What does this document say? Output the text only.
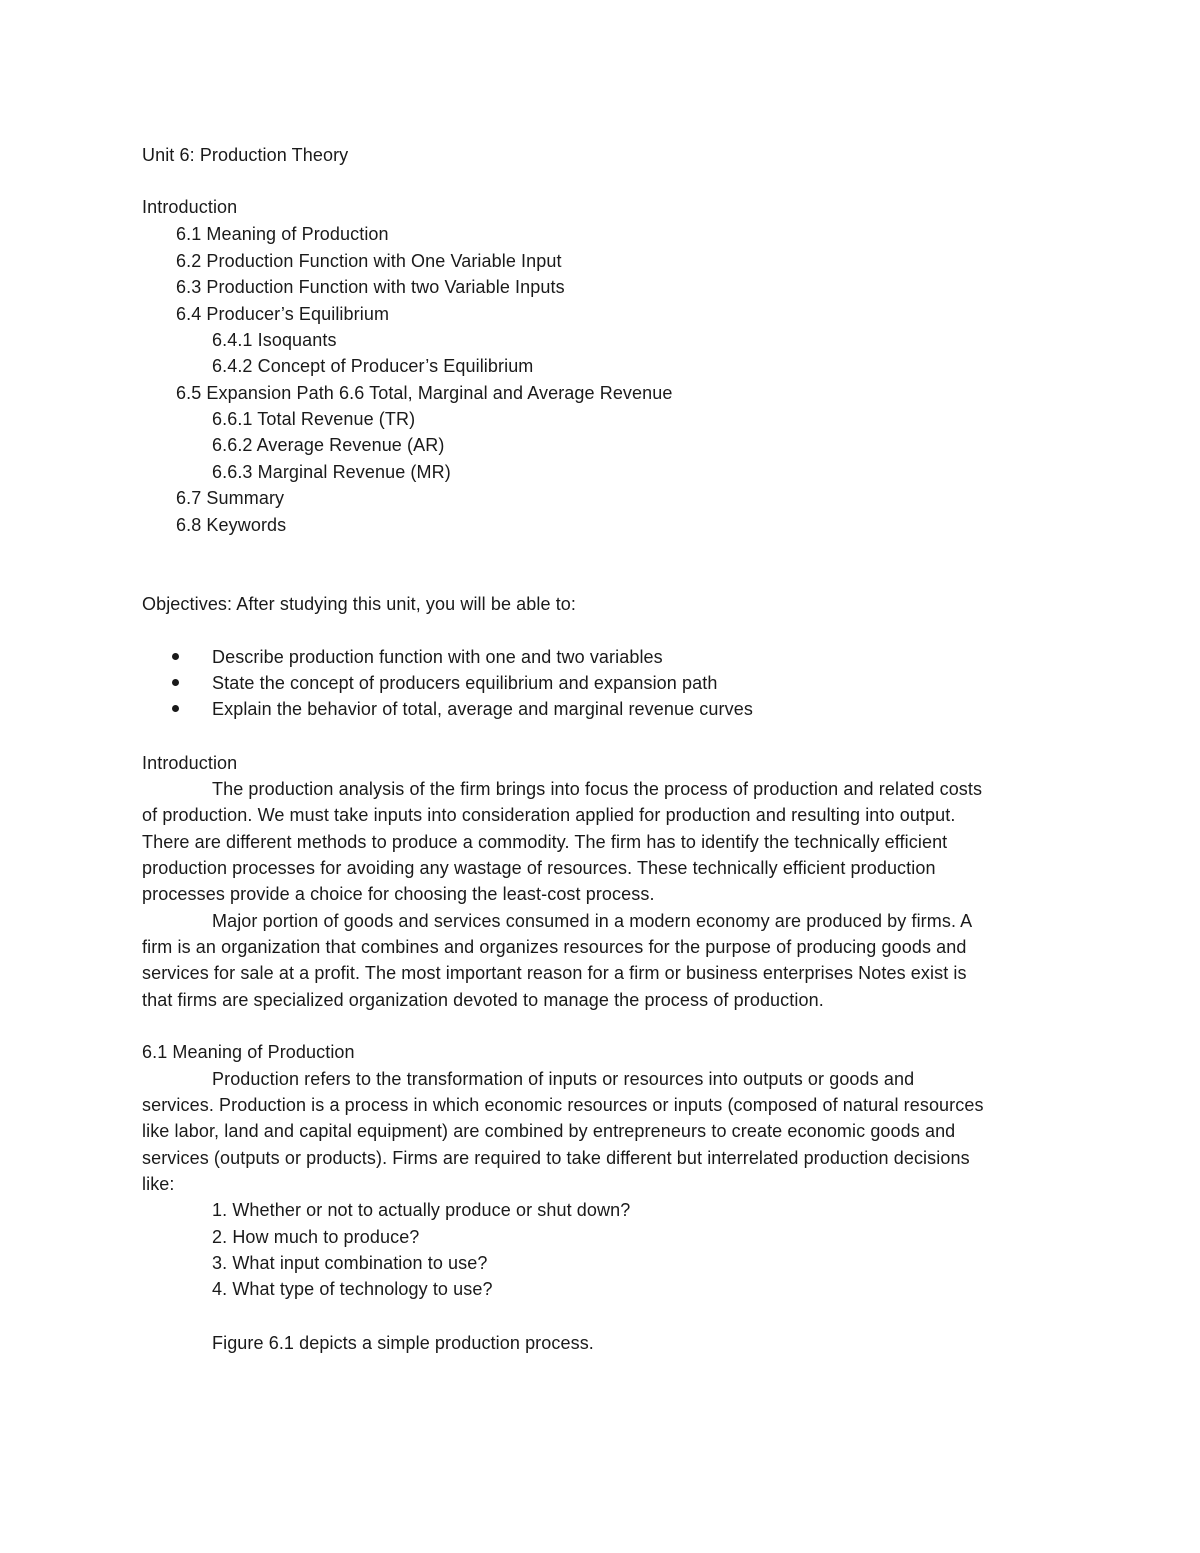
Unit 6: Production Theory
Introduction
6.1 Meaning of Production
6.2 Production Function with One Variable Input
6.3 Production Function with two Variable Inputs
6.4 Producer’s Equilibrium
6.4.1 Isoquants
6.4.2 Concept of Producer’s Equilibrium
6.5 Expansion Path 6.6 Total, Marginal and Average Revenue
6.6.1 Total Revenue (TR)
6.6.2 Average Revenue (AR)
6.6.3 Marginal Revenue (MR)
6.7 Summary
6.8 Keywords
Objectives: After studying this unit, you will be able to:
Describe production function with one and two variables
State the concept of producers equilibrium and expansion path
Explain the behavior of total, average and marginal revenue curves
Introduction
The production analysis of the firm brings into focus the process of production and related costs
of production. We must take inputs into consideration applied for production and resulting into output.
There are different methods to produce a commodity. The firm has to identify the technically efficient
production processes for avoiding any wastage of resources. These technically efficient production
processes provide a choice for choosing the least-cost process.
Major portion of goods and services consumed in a modern economy are produced by firms. A
firm is an organization that combines and organizes resources for the purpose of producing goods and
services for sale at a profit. The most important reason for a firm or business enterprises Notes exist is
that firms are specialized organization devoted to manage the process of production.
6.1 Meaning of Production
Production refers to the transformation of inputs or resources into outputs or goods and
services. Production is a process in which economic resources or inputs (composed of natural resources
like labor, land and capital equipment) are combined by entrepreneurs to create economic goods and
services (outputs or products). Firms are required to take different but interrelated production decisions
like:
1. Whether or not to actually produce or shut down?
2. How much to produce?
3. What input combination to use?
4. What type of technology to use?
Figure 6.1 depicts a simple production process.
